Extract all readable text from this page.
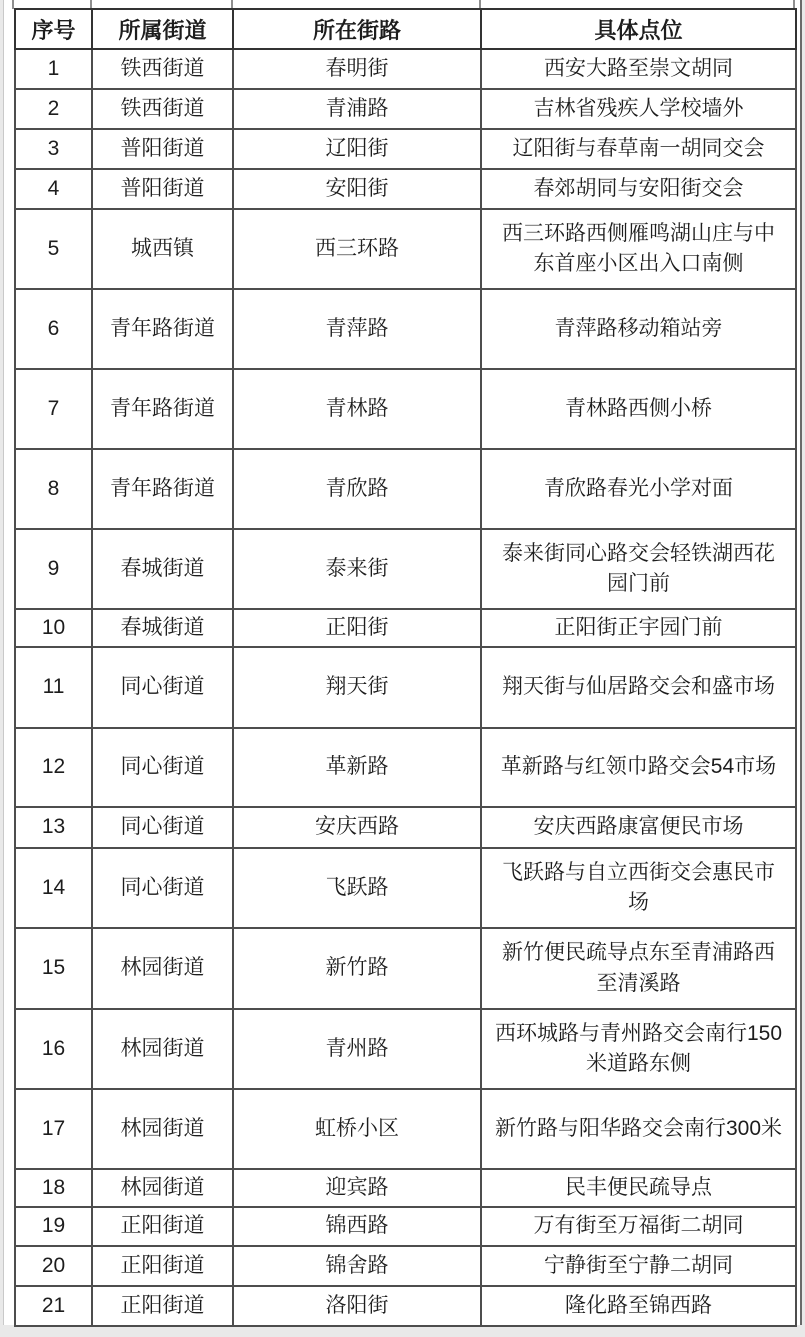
序号	所属街道	所在街路	具体点位
1	铁西街道	春明街	西安大路至崇文胡同
2	铁西街道	青浦路	吉林省残疾人学校墙外
3	普阳街道	辽阳街	辽阳街与春草南一胡同交会
4	普阳街道	安阳街	春郊胡同与安阳街交会
5	城西镇	西三环路	西三环路西侧雁鸣湖山庄与中东首座小区出入口南侧
6	青年路街道	青萍路	青萍路移动箱站旁
7	青年路街道	青林路	青林路西侧小桥
8	青年路街道	青欣路	青欣路春光小学对面
9	春城街道	泰来街	泰来街同心路交会轻铁湖西花园门前
10	春城街道	正阳街	正阳街正宇园门前
11	同心街道	翔天街	翔天街与仙居路交会和盛市场
12	同心街道	革新路	革新路与红领巾路交会54市场
13	同心街道	安庆西路	安庆西路康富便民市场
14	同心街道	飞跃路	飞跃路与自立西街交会惠民市场
15	林园街道	新竹路	新竹便民疏导点东至青浦路西至清溪路
16	林园街道	青州路	西环城路与青州路交会南行150米道路东侧
17	林园街道	虹桥小区	新竹路与阳华路交会南行300米
18	林园街道	迎宾路	民丰便民疏导点
19	正阳街道	锦西路	万有街至万福街二胡同
20	正阳街道	锦舍路	宁静街至宁静二胡同
21	正阳街道	洛阳街	隆化路至锦西路
